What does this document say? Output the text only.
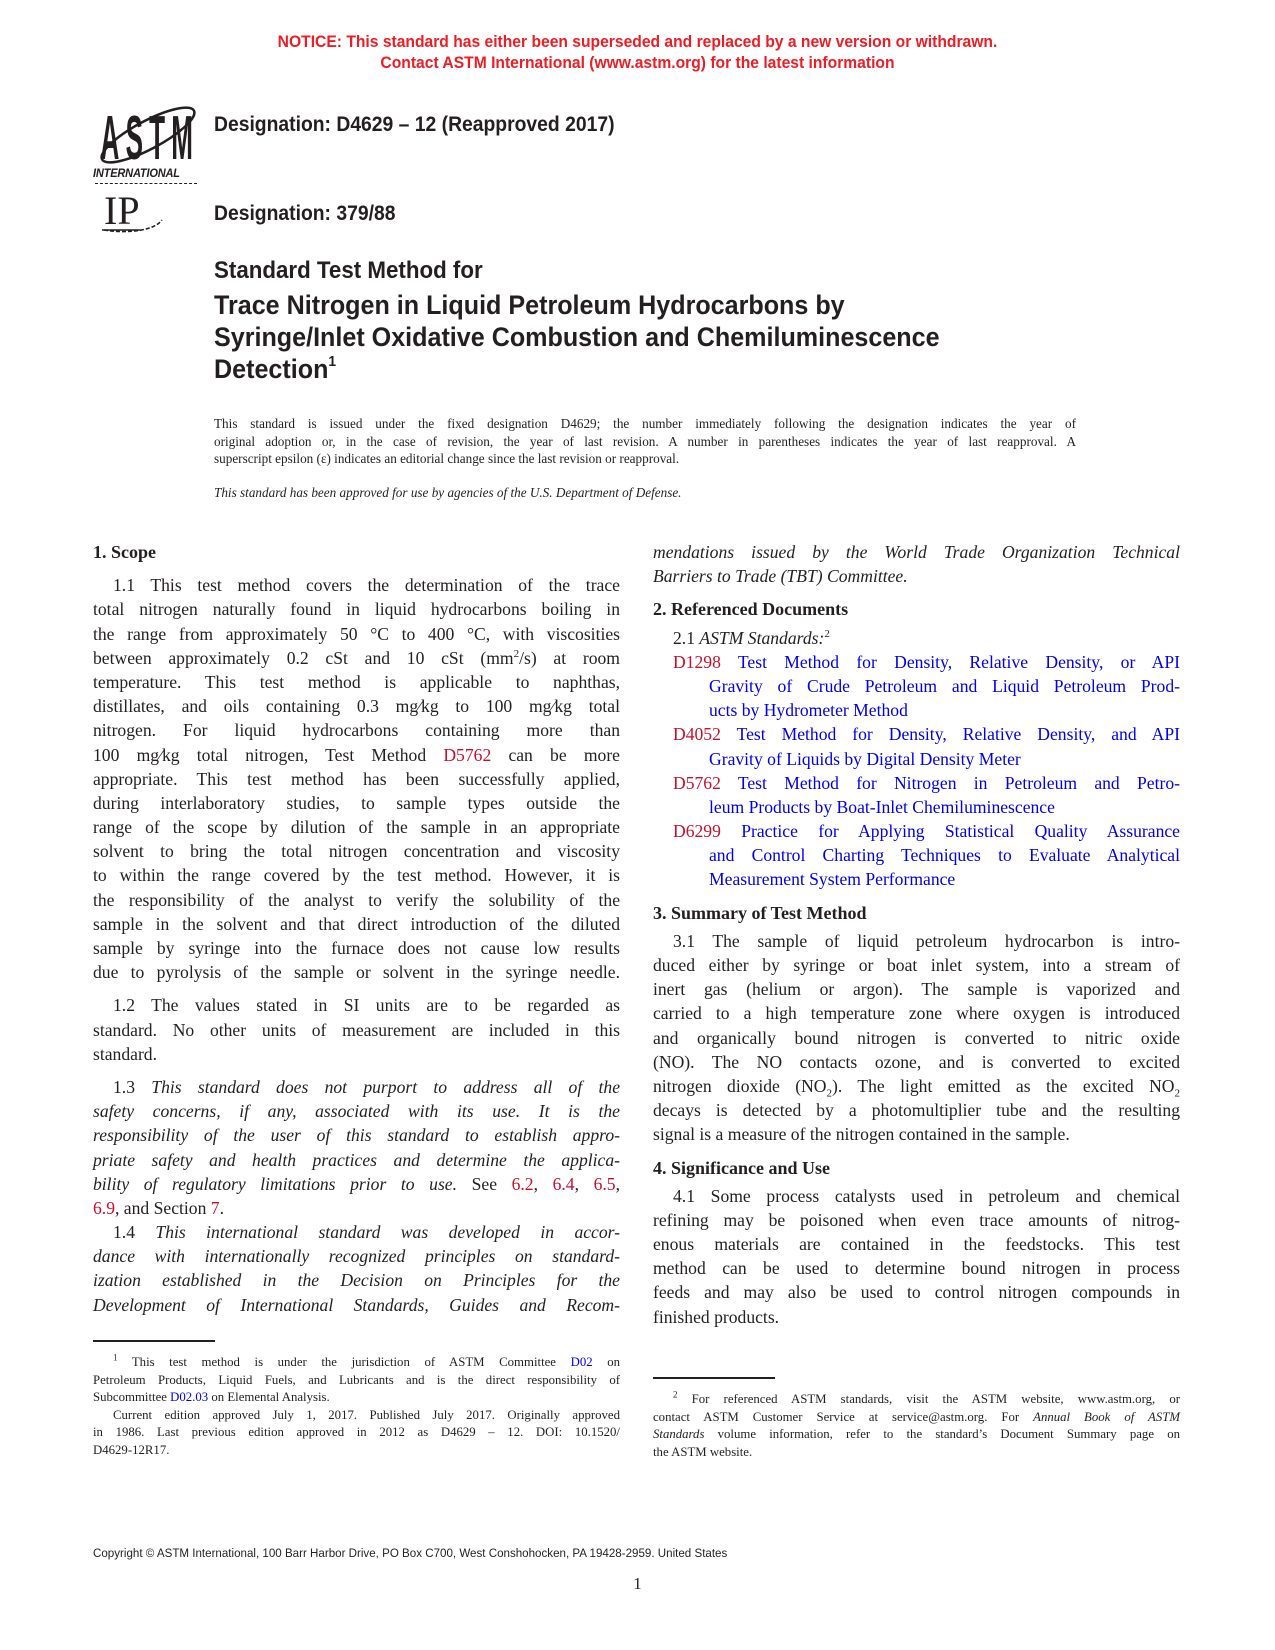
NOTICE: This standard has either been superseded and replaced by a new version or withdrawn.
Contact ASTM International (www.astm.org) for the latest information
ASTM
INTERNATIONAL
Designation: D4629 – 12 (Reapproved 2017)
IP	Designation: 379/88
Standard Test Method for
Trace Nitrogen in Liquid Petroleum Hydrocarbons by
Syringe/Inlet Oxidative Combustion and Chemiluminescence
Detection$^1$
This standard is issued under the fixed designation D4629; the number immediately following the designation indicates the year of
original adoption or, in the case of revision, the year of last revision. A number in parentheses indicates the year of last reapproval. A
superscript epsilon (ε) indicates an editorial change since the last revision or reapproval.
This standard has been approved for use by agencies of the U.S. Department of Defense.
1. Scope
1.1 This test method covers the determination of the trace
total nitrogen naturally found in liquid hydrocarbons boiling in
the range from approximately 50 °C to 400 °C, with viscosities
between approximately 0.2 cSt and 10 cSt $(mm^2/s)$ at room
temperature. This test method is applicable to naphthas,
distillates, and oils containing 0.3 mg⁄kg to 100 mg⁄kg total
nitrogen. For liquid hydrocarbons containing more than
100 mg⁄kg total nitrogen, Test Method D5762 can be more
appropriate. This test method has been successfully applied,
during interlaboratory studies, to sample types outside the
range of the scope by dilution of the sample in an appropriate
solvent to bring the total nitrogen concentration and viscosity
to within the range covered by the test method. However, it is
the responsibility of the analyst to verify the solubility of the
sample in the solvent and that direct introduction of the diluted
sample by syringe into the furnace does not cause low results
due to pyrolysis of the sample or solvent in the syringe needle.
1.2 The values stated in SI units are to be regarded as
standard. No other units of measurement are included in this
standard.
1.3 This standard does not purport to address all of the
safety concerns, if any, associated with its use. It is the
responsibility of the user of this standard to establish appro-
priate safety and health practices and determine the applica-
bility of regulatory limitations prior to use. See 6.2, 6.4, 6.5,
6.9, and Section 7.
1.4 This international standard was developed in accor-
dance with internationally recognized principles on standard-
ization established in the Decision on Principles for the
Development of International Standards, Guides and Recom-
$^1$ This test method is under the jurisdiction of ASTM Committee D02 on
Petroleum Products, Liquid Fuels, and Lubricants and is the direct responsibility of
Subcommittee D02.03 on Elemental Analysis.
Current edition approved July 1, 2017. Published July 2017. Originally approved
in 1986. Last previous edition approved in 2012 as D4629 – 12. DOI: 10.1520/
D4629-12R17.
mendations issued by the World Trade Organization Technical
Barriers to Trade (TBT) Committee.
2. Referenced Documents
2.1 ASTM Standards:$^2$
D1298 Test Method for Density, Relative Density, or API
Gravity of Crude Petroleum and Liquid Petroleum Prod-
ucts by Hydrometer Method
D4052 Test Method for Density, Relative Density, and API
Gravity of Liquids by Digital Density Meter
D5762 Test Method for Nitrogen in Petroleum and Petro-
leum Products by Boat-Inlet Chemiluminescence
D6299 Practice for Applying Statistical Quality Assurance
and Control Charting Techniques to Evaluate Analytical
Measurement System Performance
3. Summary of Test Method
3.1 The sample of liquid petroleum hydrocarbon is intro-
duced either by syringe or boat inlet system, into a stream of
inert gas (helium or argon). The sample is vaporized and
carried to a high temperature zone where oxygen is introduced
and organically bound nitrogen is converted to nitric oxide
(NO). The NO contacts ozone, and is converted to excited
nitrogen dioxide $(NO_2)$. The light emitted as the excited $NO_2$
decays is detected by a photomultiplier tube and the resulting
signal is a measure of the nitrogen contained in the sample.
4. Significance and Use
4.1 Some process catalysts used in petroleum and chemical
refining may be poisoned when even trace amounts of nitrog-
enous materials are contained in the feedstocks. This test
method can be used to determine bound nitrogen in process
feeds and may also be used to control nitrogen compounds in
finished products.
$^2$ For referenced ASTM standards, visit the ASTM website, www.astm.org, or
contact ASTM Customer Service at service@astm.org. For Annual Book of ASTM
Standards volume information, refer to the standard’s Document Summary page on
the ASTM website.
Copyright © ASTM International, 100 Barr Harbor Drive, PO Box C700, West Conshohocken, PA 19428-2959. United States
1
